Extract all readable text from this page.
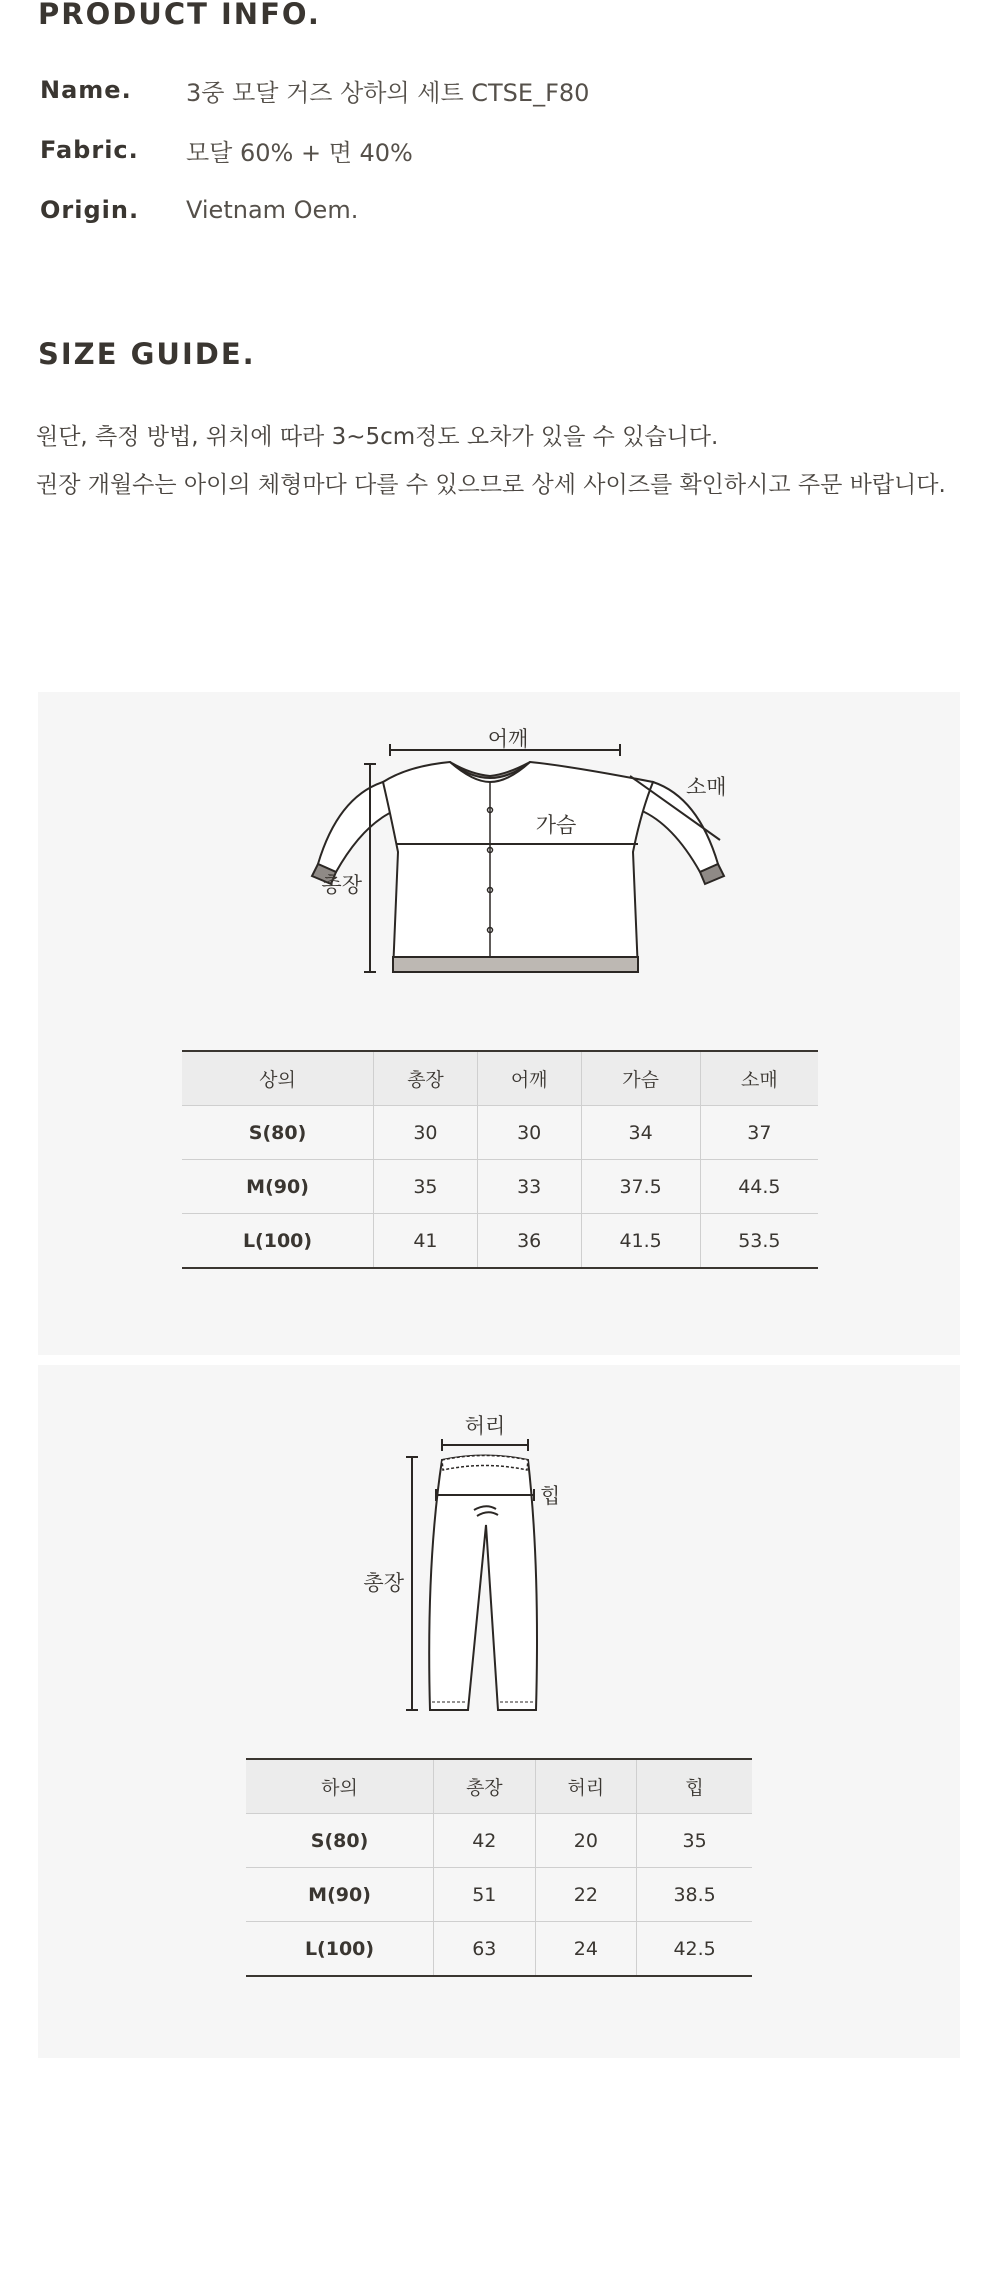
PRODUCT INFO.
Name.	3중 모달 거즈 상하의 세트 CTSE_F80
Fabric.	모달 60% + 면 40%
Origin.	Vietnam Oem.
SIZE GUIDE.
원단, 측정 방법, 위치에 따라 3~5cm정도 오차가 있을 수 있습니다.
권장 개월수는 아이의 체형마다 다를 수 있으므로 상세 사이즈를 확인하시고 주문 바랍니다.
어깨
소매
가슴
총장
상의	총장	어깨	가슴	소매
S(80)	30	30	34	37
M(90)	35	33	37.5	44.5
L(100)	41	36	41.5	53.5
허리
힙
총장
하의	총장	허리	힙
S(80)	42	20	35
M(90)	51	22	38.5
L(100)	63	24	42.5
